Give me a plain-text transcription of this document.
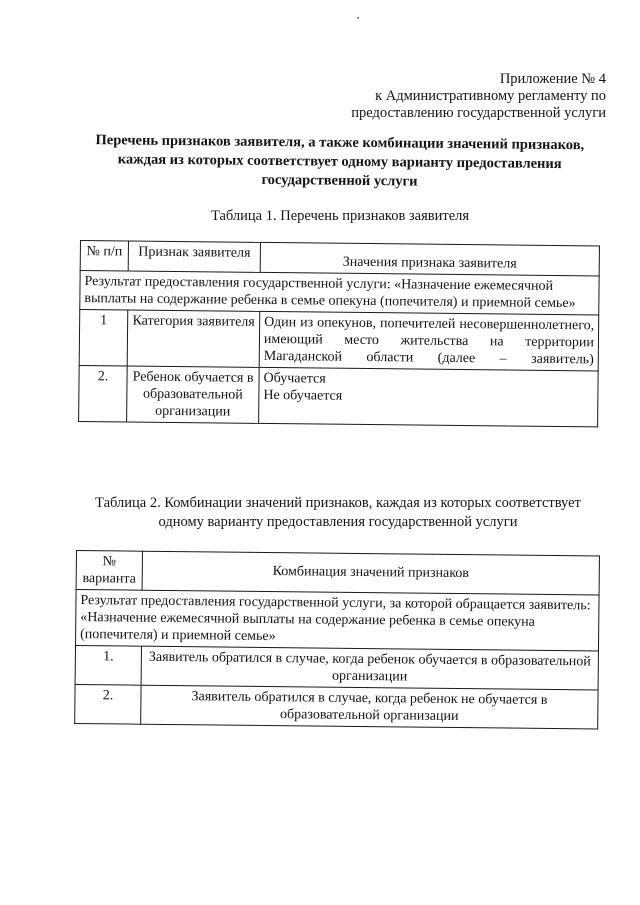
Приложение № 4
к Административному регламенту по
предоставлению государственной услуги
Перечень признаков заявителя, а также комбинации значений признаков,
каждая из которых соответствует одному варианту предоставления
государственной услуги
Таблица 1. Перечень признаков заявителя
№ п/п	Признак заявителя	Значения признака заявителя
Результат предоставления государственной услуги: «Назначение ежемесячной выплаты на содержание ребенка в семье опекуна (попечителя) и приемной семье»		
1	Категория заявителя	Один из опекунов, попечителей несовершеннолетнего, имеющий место жительства на территории Магаданской области (далее – заявитель)
2.	Ребенок обучается в образовательной организации	Обучается
Не обучается
Таблица 2. Комбинации значений признаков, каждая из которых соответствует одному варианту предоставления государственной услуги
№ варианта	Комбинация значений признаков
Результат предоставления государственной услуги, за которой обращается заявитель: «Назначение ежемесячной выплаты на содержание ребенка в семье опекуна (попечителя) и приемной семье»	
1.	Заявитель обратился в случае, когда ребенок обучается в образовательной организации
2.	Заявитель обратился в случае, когда ребенок не обучается в образовательной организации
